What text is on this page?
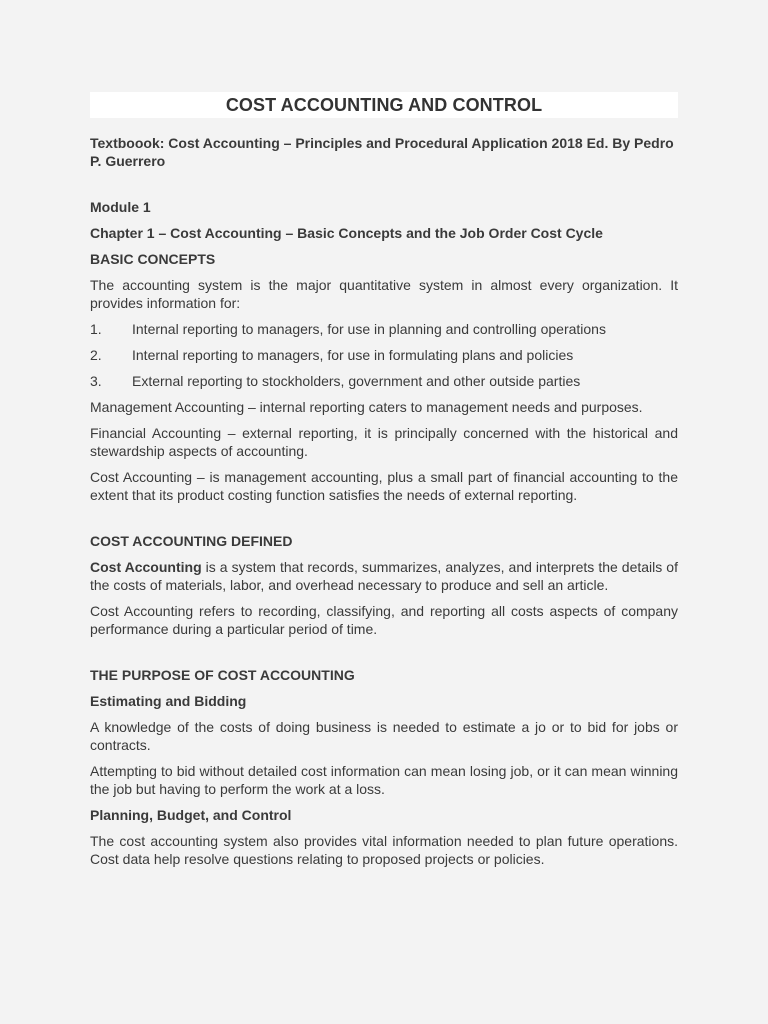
COST ACCOUNTING AND CONTROL

Textboook: Cost Accounting – Principles and Procedural Application 2018 Ed. By Pedro P. Guerrero

Module 1

Chapter 1 – Cost Accounting – Basic Concepts and the Job Order Cost Cycle

BASIC CONCEPTS

The accounting system is the major quantitative system in almost every organization. It provides information for:

1.	Internal reporting to managers, for use in planning and controlling operations
2.	Internal reporting to managers, for use in formulating plans and policies
3.	External reporting to stockholders, government and other outside parties

Management Accounting – internal reporting caters to management needs and purposes.

Financial Accounting – external reporting, it is principally concerned with the historical and stewardship aspects of accounting.

Cost Accounting – is management accounting, plus a small part of financial accounting to the extent that its product costing function satisfies the needs of external reporting.

COST ACCOUNTING DEFINED

Cost Accounting is a system that records, summarizes, analyzes, and interprets the details of the costs of materials, labor, and overhead necessary to produce and sell an article.

Cost Accounting refers to recording, classifying, and reporting all costs aspects of company performance during a particular period of time.

THE PURPOSE OF COST ACCOUNTING

Estimating and Bidding

A knowledge of the costs of doing business is needed to estimate a jo or to bid for jobs or contracts.

Attempting to bid without detailed cost information can mean losing job, or it can mean winning the job but having to perform the work at a loss.

Planning, Budget, and Control

The cost accounting system also provides vital information needed to plan future operations. Cost data help resolve questions relating to proposed projects or policies.
